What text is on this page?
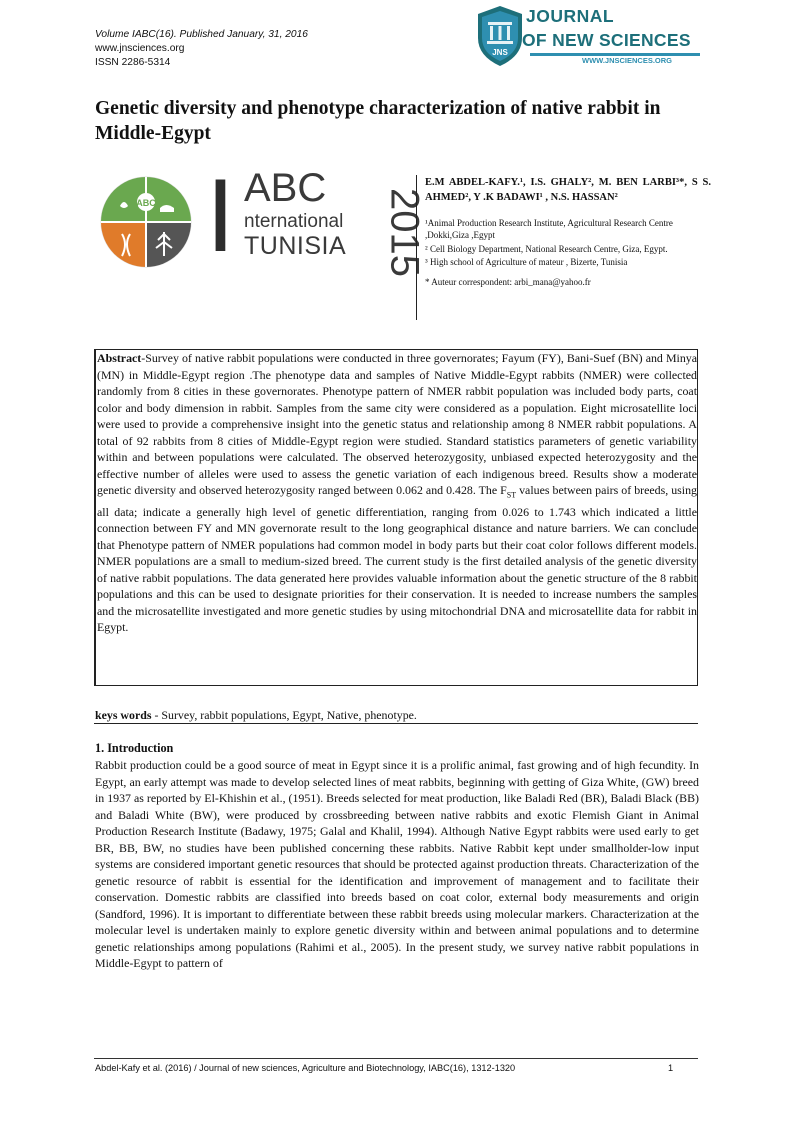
Volume IABC(16). Published January, 31, 2016
www.jnsciences.org
ISSN 2286-5314
JNS
JOURNAL
OF NEW SCIENCES
WWW.JNSCIENCES.ORG
Genetic diversity and phenotype characterization of native rabbit in Middle-Egypt
ABC I ABC
nternational
TUNISIA 2015
E.M ABDEL-KAFY.¹, I.S. GHALY², M. BEN LARBI³*, S S. AHMED², Y .K BADAWI¹ , N.S. HASSAN²

¹Animal Production Research Institute, Agricultural Research Centre ,Dokki,Giza ,Egypt

² Cell Biology Department, National Research Centre, Giza, Egypt.

³ High school of Agriculture of mateur , Bizerte, Tunisia

* Auteur correspondent: arbi_mana@yahoo.fr
Abstract-Survey of native rabbit populations were conducted in three governorates; Fayum (FY), Bani-Suef (BN) and Minya (MN) in Middle-Egypt region .The phenotype data and samples of Native Middle-Egypt rabbits (NMER) were collected randomly from 8 cities in these governorates. Phenotype pattern of NMER rabbit population was included body parts, coat color and body dimension in rabbit. Samples from the same city were considered as a population. Eight microsatellite loci were used to provide a comprehensive insight into the genetic status and relationship among 8 NMER rabbit populations. A total of 92 rabbits from 8 cities of Middle-Egypt region were studied. Standard statistics parameters of genetic variability within and between populations were calculated. The observed heterozygosity, unbiased expected heterozygosity and the effective number of alleles were used to assess the genetic variation of each indigenous breed. Results show a moderate genetic diversity and observed heterozygosity ranged between 0.062 and 0.428. The $F_{ST}$ values between pairs of breeds, using all data; indicate a generally high level of genetic differentiation, ranging from 0.026 to 1.743 which indicated a little connection between FY and MN governorate result to the long geographical distance and nature barriers. We can conclude that Phenotype pattern of NMER populations had common model in body parts but their coat color follows different models. NMER populations are a small to medium-sized breed. The current study is the first detailed analysis of the genetic diversity of native rabbit populations. The data generated here provides valuable information about the genetic structure of the 8 rabbit populations and this can be used to designate priorities for their conservation. It is needed to increase numbers the samples and the microsatellite investigated and more genetic studies by using mitochondrial DNA and microsatellite data for rabbit in Egypt.
keys words - Survey, rabbit populations, Egypt, Native, phenotype.
1. Introduction
Rabbit production could be a good source of meat in Egypt since it is a prolific animal, fast growing and of high fecundity. In Egypt, an early attempt was made to develop selected lines of meat rabbits, beginning with getting of Giza White, (GW) breed in 1937 as reported by El-Khishin et al., (1951). Breeds selected for meat production, like Baladi Red (BR), Baladi Black (BB) and Baladi White (BW), were produced by crossbreeding between native rabbits and exotic Flemish Giant in Animal Production Research Institute (Badawy, 1975; Galal and Khalil, 1994). Although Native Egypt rabbits were used early to get BR, BB, BW, no studies have been published concerning these rabbits. Native Rabbit kept under smallholder-low input systems are considered important genetic resources that should be protected against production threats. Characterization of the genetic resource of rabbit is essential for the identification and improvement of management and to facilitate their conservation. Domestic rabbits are classified into breeds based on coat color, external body measurements and origin (Sandford, 1996). It is important to differentiate between these rabbit breeds using molecular markers. Characterization at the molecular level is undertaken mainly to explore genetic diversity within and between animal populations and to determine genetic relationships among populations (Rahimi et al., 2005). In the present study, we survey native rabbit populations in Middle-Egypt to pattern of
Abdel-Kafy et al. (2016) / Journal of new sciences, Agriculture and Biotechnology, IABC(16), 1312-1320	1
